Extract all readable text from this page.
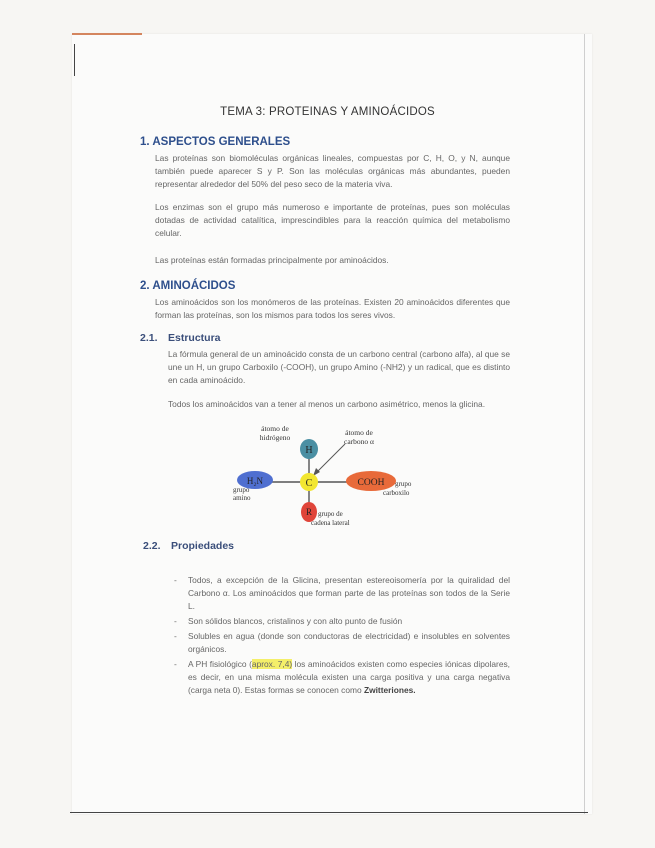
TEMA 3: PROTEINAS Y AMINOÁCIDOS
1. ASPECTOS GENERALES

Las proteínas son biomoléculas orgánicas lineales, compuestas por C, H, O, y N, aunque también puede aparecer S y P. Son las moléculas orgánicas más abundantes, pueden representar alrededor del 50% del peso seco de la materia viva.

Los enzimas son el grupo más numeroso e importante de proteínas, pues son moléculas dotadas de actividad catalítica, imprescindibles para la reacción química del metabolismo celular.

Las proteínas están formadas principalmente por aminoácidos.

2. AMINOÁCIDOS

Los aminoácidos son los monómeros de las proteínas. Existen 20 aminoácidos diferentes que forman las proteínas, son los mismos para todos los seres vivos.

2.1. Estructura

La fórmula general de un aminoácido consta de un carbono central (carbono alfa), al que se une un H, un grupo Carboxilo (-COOH), un grupo Amino (-NH2) y un radical, que es distinto en cada aminoácido.

Todos los aminoácidos van a tener al menos un carbono asimétrico, menos la glicina.

H
C
H₂N	COOH
R
átomo de
hidrógeno
átomo de
carbono α
grupo
amino
grupo
carboxilo
grupo de
cadena lateral
2.2. Propiedades
- Todos, a excepción de la Glicina, presentan estereoisomería por la quiralidad del Carbono α. Los aminoácidos que forman parte de las proteínas son todos de la Serie L.
- Son sólidos blancos, cristalinos y con alto punto de fusión
- Solubles en agua (donde son conductoras de electricidad) e insolubles en solventes orgánicos.
- A PH fisiológico (aprox. 7,4) los aminoácidos existen como especies iónicas dipolares, es decir, en una misma molécula existen una carga positiva y una carga negativa (carga neta 0). Estas formas se conocen como Zwitteriones.
